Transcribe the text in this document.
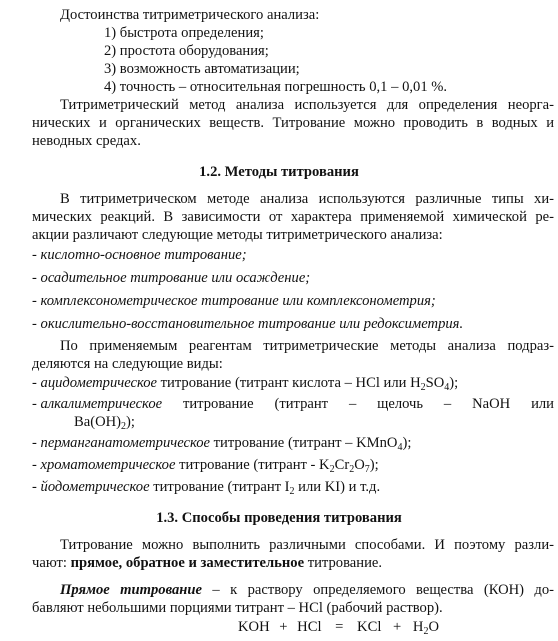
Достоинства титриметрического анализа:
1) быстрота определения;
2) простота оборудования;
3) возможность автоматизации;
4) точность – относительная погрешность 0,1 – 0,01 %.
Титриметрический метод анализа используется для определения неорга-
нических и органических веществ. Титрование можно проводить в водных и
неводных средах.
1.2. Методы титрования
В титриметрическом методе анализа используются различные типы хи-
мических реакций. В зависимости от характера применяемой химической ре-
акции различают следующие методы титриметрического анализа:
- кислотно-основное титрование;
- осадительное титрование или осаждение;
- комплексонометрическое титрование или комплексонометрия;
- окислительно-восстановительное титрование или редоксиметрия.
По применяемым реагентам титриметрические методы анализа подраз-
деляются на следующие виды:
- ацидометрическое титрование (титрант кислота – HCl или $H_2SO_4$);
- алкалиметрическое титрование (титрант – щелочь – NaOH или
$Ba(OH)_2$);
- перманганатометрическое титрование (титрант – KMnO$_4$);
- хроматометрическое титрование (титрант - $K_2Cr_2O_7$);
- йодометрическое титрование (титрант $I_2$ или KI) и т.д.
1.3. Способы проведения титрования
Титрование можно выполнить различными способами. И поэтому разли-
чают: прямое, обратное и заместительное титрование.
Прямое титрование – к раствору определяемого вещества (КОН) до-
бавляют небольшими порциями титрант – HCl (рабочий раствор).
KOH + HCl = KCl + $H_2O$
